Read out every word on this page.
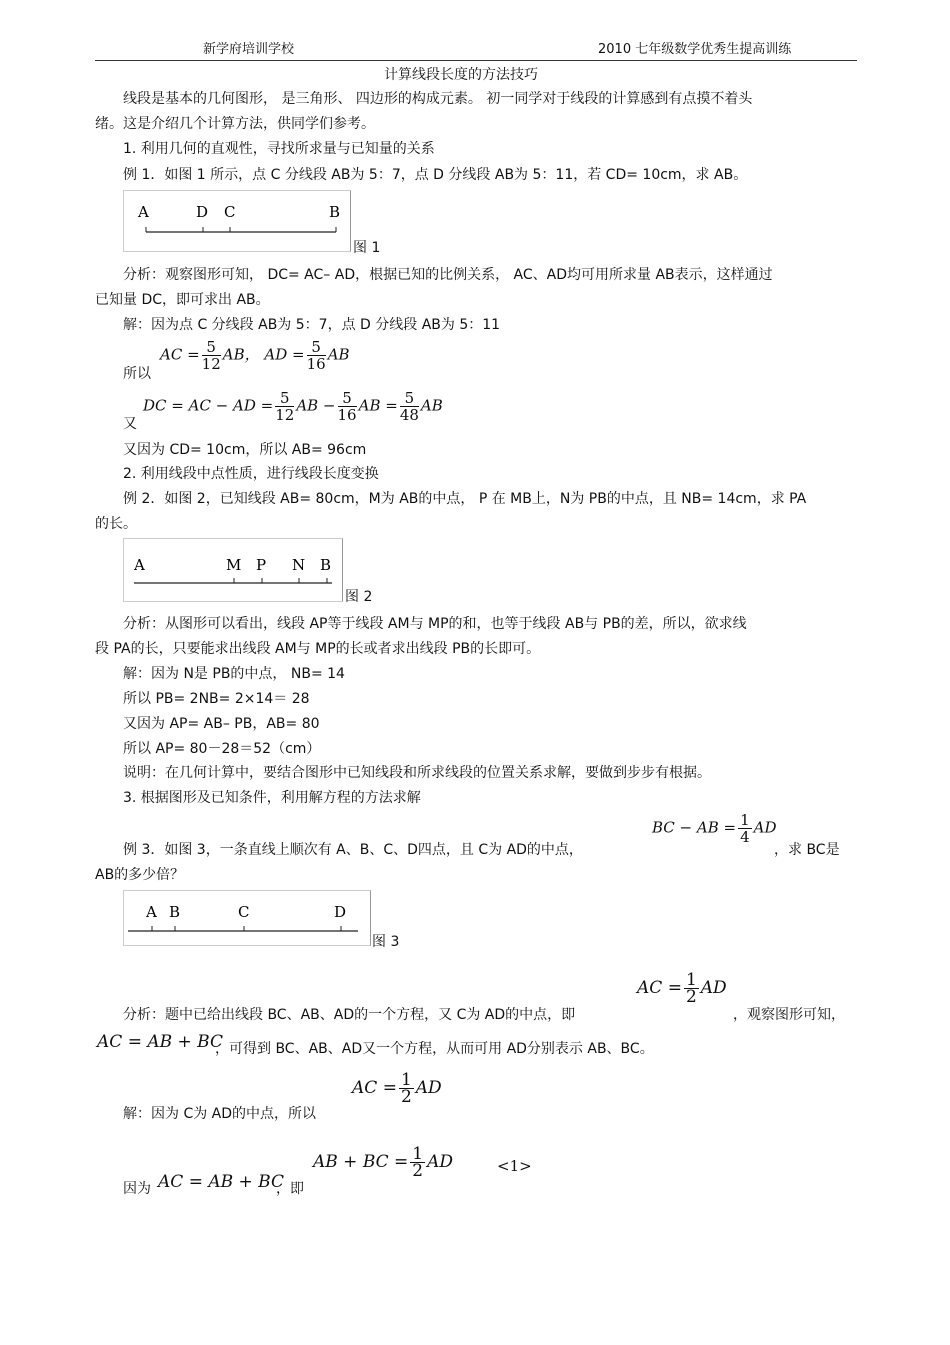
新学府培训学校	2010 七年级数学优秀生提高训练
计算线段长度的方法技巧
线段是基本的几何图形， 是三角形、 四边形的构成元素。 初一同学对于线段的计算感到有点摸不着头
绪。这是介绍几个计算方法，供同学们参考。
1. 利用几何的直观性，寻找所求量与已知量的关系
例 1．如图 1 所示，点 C 分线段 AB为 5：7，点 D 分线段 AB为 5：11，若 CD= 10cm，求 AB。
A	D C	B
图 1
分析：观察图形可知， DC= AC– AD，根据已知的比例关系， AC、AD均可用所求量 AB表示，这样通过
已知量 DC，即可求出 AB。
解：因为点 C 分线段 AB为 5：7，点 D 分线段 AB为 5：11
所以
AC = $\frac{5}{12}$ AB， AD = $\frac{5}{16}$ AB
又
DC = AC − AD = $\frac{5}{12}$ AB − $\frac{5}{16}$ AB = $\frac{5}{48}$ AB
又因为 CD= 10cm，所以 AB= 96cm
2. 利用线段中点性质，进行线段长度变换
例 2．如图 2，已知线段 AB= 80cm，M为 AB的中点， P 在 MB上，N为 PB的中点，且 NB= 14cm，求 PA
的长。
A	M P N B
图 2
分析：从图形可以看出，线段 AP等于线段 AM与 MP的和，也等于线段 AB与 PB的差，所以，欲求线
段 PA的长，只要能求出线段 AM与 MP的长或者求出线段 PB的长即可。
解：因为 N是 PB的中点， NB= 14
所以 PB= 2NB= 2×14＝ 28
又因为 AP= AB– PB，AB= 80
所以 AP= 80－28＝52（cm）
说明：在几何计算中，要结合图形中已知线段和所求线段的位置关系求解，要做到步步有根据。
3. 根据图形及已知条件，利用解方程的方法求解
BC − AB = $\frac{1}{4}$ AD
例 3．如图 3，一条直线上顺次有 A、B、C、D四点，且 C为 AD的中点，	，求 BC是
AB的多少倍？
A B	C	D
图 3
AC = $\frac{1}{2}$ AD
分析：题中已给出线段 BC、AB、AD的一个方程，又 C为 AD的中点，即	，观察图形可知，
AC = AB + BC
，可得到 BC、AB、AD又一个方程，从而可用 AD分别表示 AB、BC。
AC = $\frac{1}{2}$ AD
解：因为 C为 AD的中点，所以
AB + BC = $\frac{1}{2}$ AD	<1>
因为 AC = AB + BC
，即
